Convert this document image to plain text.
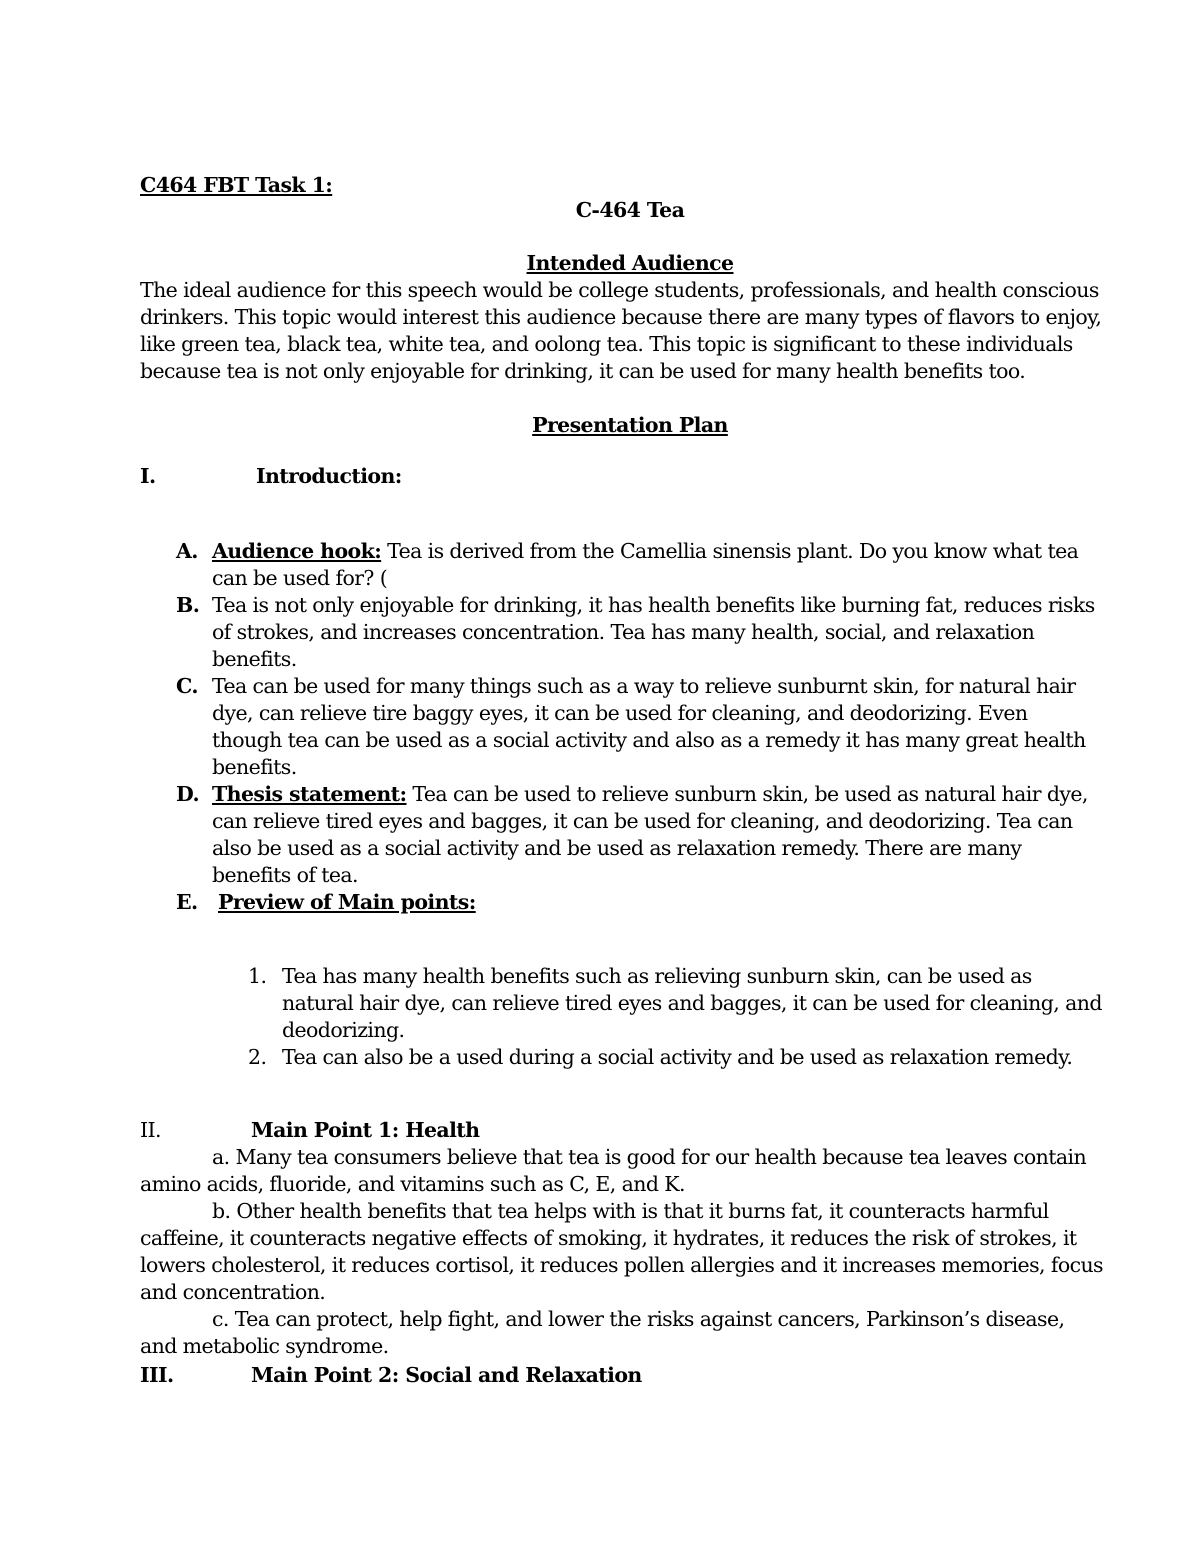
C464 FBT Task 1:
C-464 Tea
Intended Audience
The ideal audience for this speech would be college students, professionals, and health conscious
drinkers. This topic would interest this audience because there are many types of flavors to enjoy,
like green tea, black tea, white tea, and oolong tea. This topic is significant to these individuals
because tea is not only enjoyable for drinking, it can be used for many health benefits too.
Presentation Plan
I.	Introduction:
A. Audience hook: Tea is derived from the Camellia sinensis plant. Do you know what tea
can be used for? (
B. Tea is not only enjoyable for drinking, it has health benefits like burning fat, reduces risks
of strokes, and increases concentration. Tea has many health, social, and relaxation
benefits.
C. Tea can be used for many things such as a way to relieve sunburnt skin, for natural hair
dye, can relieve tire baggy eyes, it can be used for cleaning, and deodorizing. Even
though tea can be used as a social activity and also as a remedy it has many great health
benefits.
D. Thesis statement: Tea can be used to relieve sunburn skin, be used as natural hair dye,
can relieve tired eyes and bagges, it can be used for cleaning, and deodorizing. Tea can
also be used as a social activity and be used as relaxation remedy. There are many
benefits of tea.
E. Preview of Main points:
1. Tea has many health benefits such as relieving sunburn skin, can be used as
natural hair dye, can relieve tired eyes and bagges, it can be used for cleaning, and
deodorizing.
2. Tea can also be a used during a social activity and be used as relaxation remedy.
II.	Main Point 1: Health
a. Many tea consumers believe that tea is good for our health because tea leaves contain
amino acids, fluoride, and vitamins such as C, E, and K.
b. Other health benefits that tea helps with is that it burns fat, it counteracts harmful
caffeine, it counteracts negative effects of smoking, it hydrates, it reduces the risk of strokes, it
lowers cholesterol, it reduces cortisol, it reduces pollen allergies and it increases memories, focus
and concentration.
c. Tea can protect, help fight, and lower the risks against cancers, Parkinson’s disease,
and metabolic syndrome.
III.	Main Point 2: Social and Relaxation
